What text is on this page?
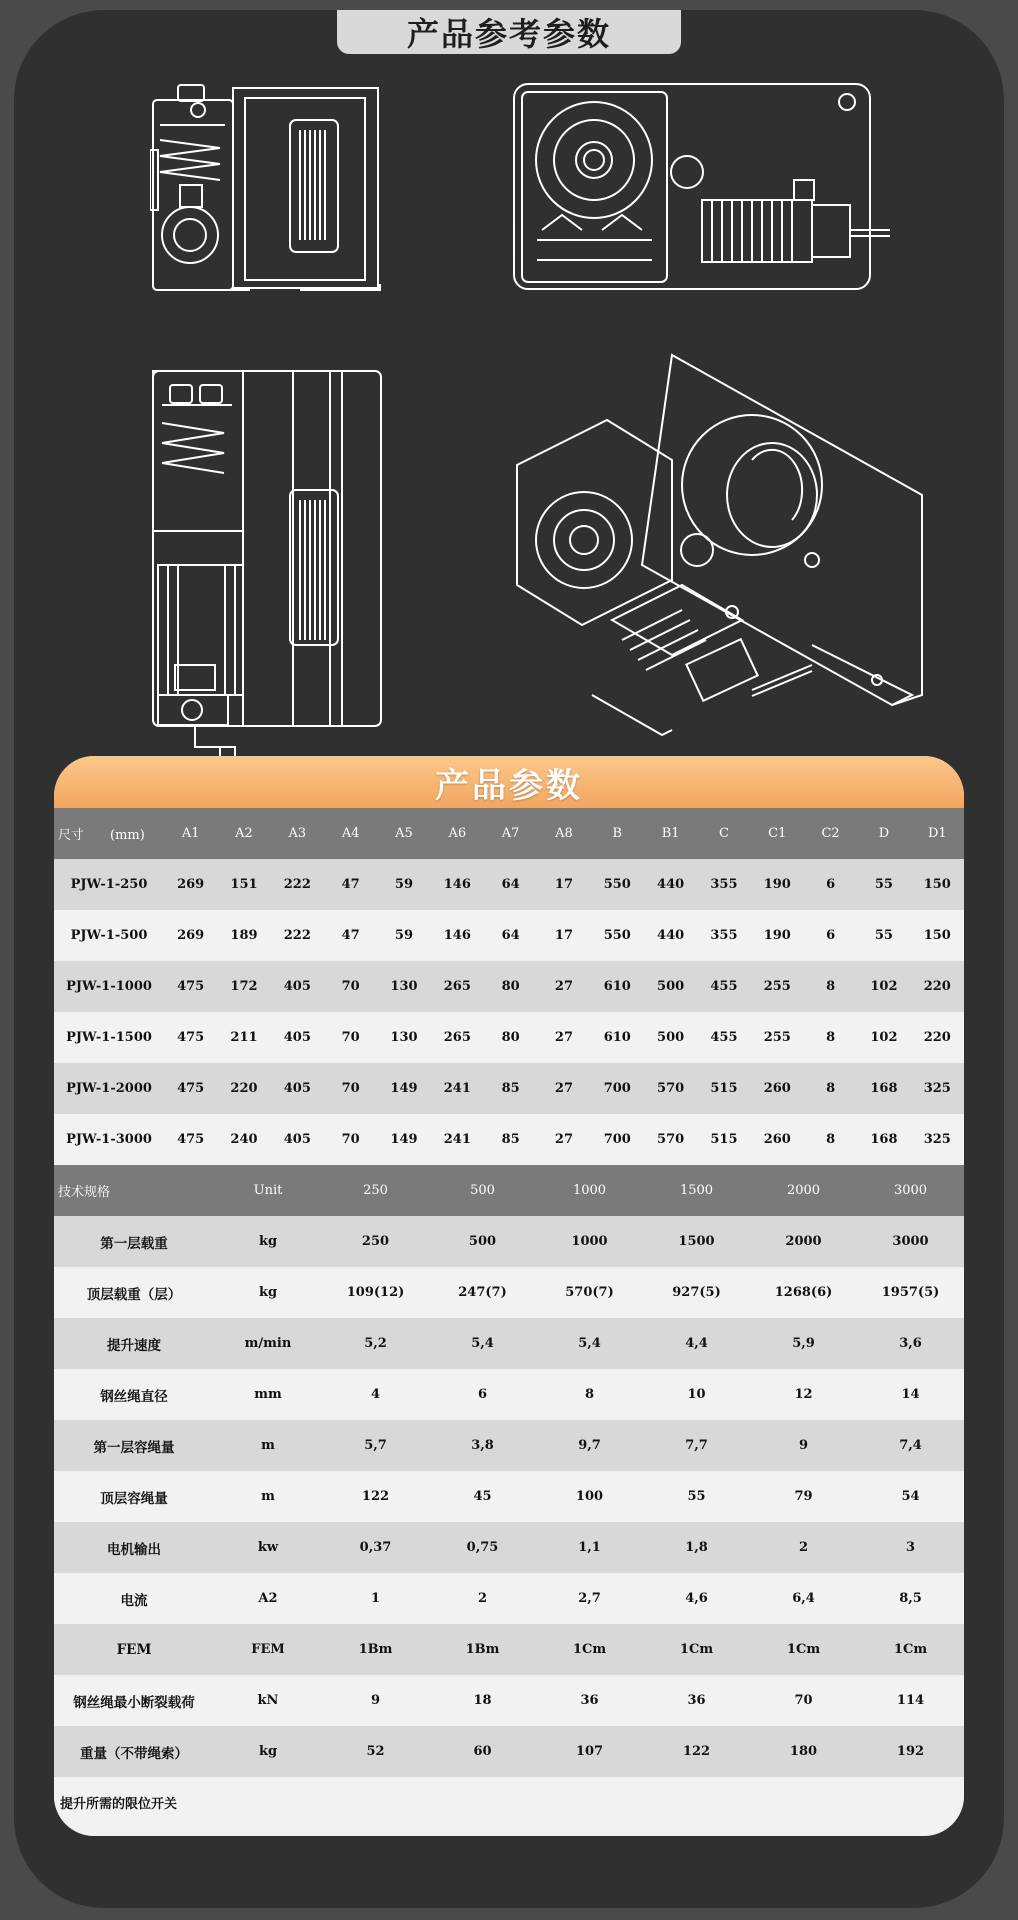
产品参考参数
产品参数
尺寸　　(mm)	A1	A2	A3	A4	A5	A6	A7	A8	B	B1	C	C1	C2	D	D1
PJW-1-250	269	151	222	47	59	146	64	17	550	440	355	190	6	55	150
PJW-1-500	269	189	222	47	59	146	64	17	550	440	355	190	6	55	150
PJW-1-1000	475	172	405	70	130	265	80	27	610	500	455	255	8	102	220
PJW-1-1500	475	211	405	70	130	265	80	27	610	500	455	255	8	102	220
PJW-1-2000	475	220	405	70	149	241	85	27	700	570	515	260	8	168	325
PJW-1-3000	475	240	405	70	149	241	85	27	700	570	515	260	8	168	325
技术规格	Unit	250	500	1000	1500	2000	3000
第一层载重	kg	250	500	1000	1500	2000	3000
顶层载重（层）	kg	109(12)	247(7)	570(7)	927(5)	1268(6)	1957(5)
提升速度	m/min	5,2	5,4	5,4	4,4	5,9	3,6
钢丝绳直径	mm	4	6	8	10	12	14
第一层容绳量	m	5,7	3,8	9,7	7,7	9	7,4
顶层容绳量	m	122	45	100	55	79	54
电机输出	kw	0,37	0,75	1,1	1,8	2	3
电流	A2	1	2	2,7	4,6	6,4	8,5
FEM	FEM	1Bm	1Bm	1Cm	1Cm	1Cm	1Cm
钢丝绳最小断裂载荷	kN	9	18	36	36	70	114
重量（不带绳索）	kg	52	60	107	122	180	192
提升所需的限位开关							
